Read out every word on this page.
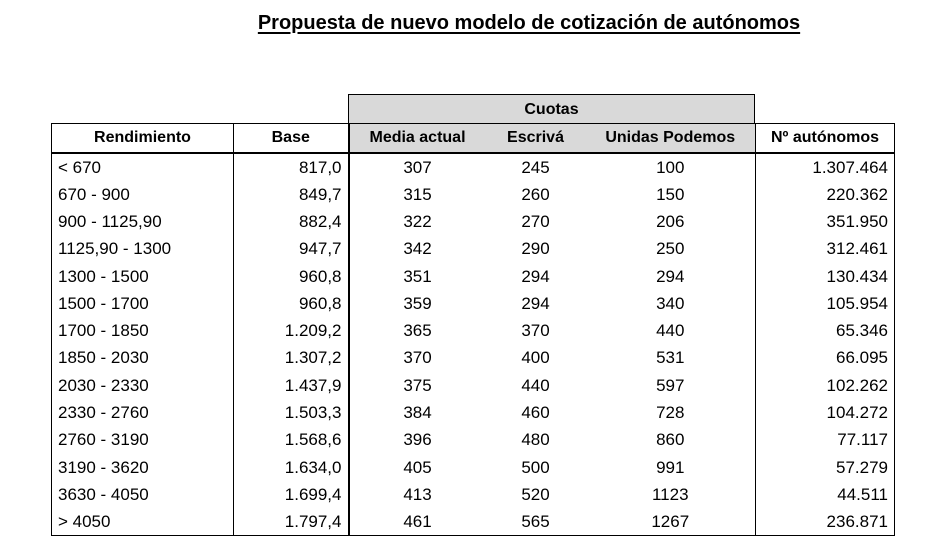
Propuesta de nuevo modelo de cotización de autónomos
Cuotas
Rendimiento	Base	Media actual	Escrivá	Unidas Podemos	Nº autónomos
< 670	817,0	307	245	100	1.307.464
670 - 900	849,7	315	260	150	220.362
900 - 1125,90	882,4	322	270	206	351.950
1125,90 - 1300	947,7	342	290	250	312.461
1300 - 1500	960,8	351	294	294	130.434
1500 - 1700	960,8	359	294	340	105.954
1700 - 1850	1.209,2	365	370	440	65.346
1850 - 2030	1.307,2	370	400	531	66.095
2030 - 2330	1.437,9	375	440	597	102.262
2330 - 2760	1.503,3	384	460	728	104.272
2760 - 3190	1.568,6	396	480	860	77.117
3190 - 3620	1.634,0	405	500	991	57.279
3630 - 4050	1.699,4	413	520	1123	44.511
> 4050	1.797,4	461	565	1267	236.871
